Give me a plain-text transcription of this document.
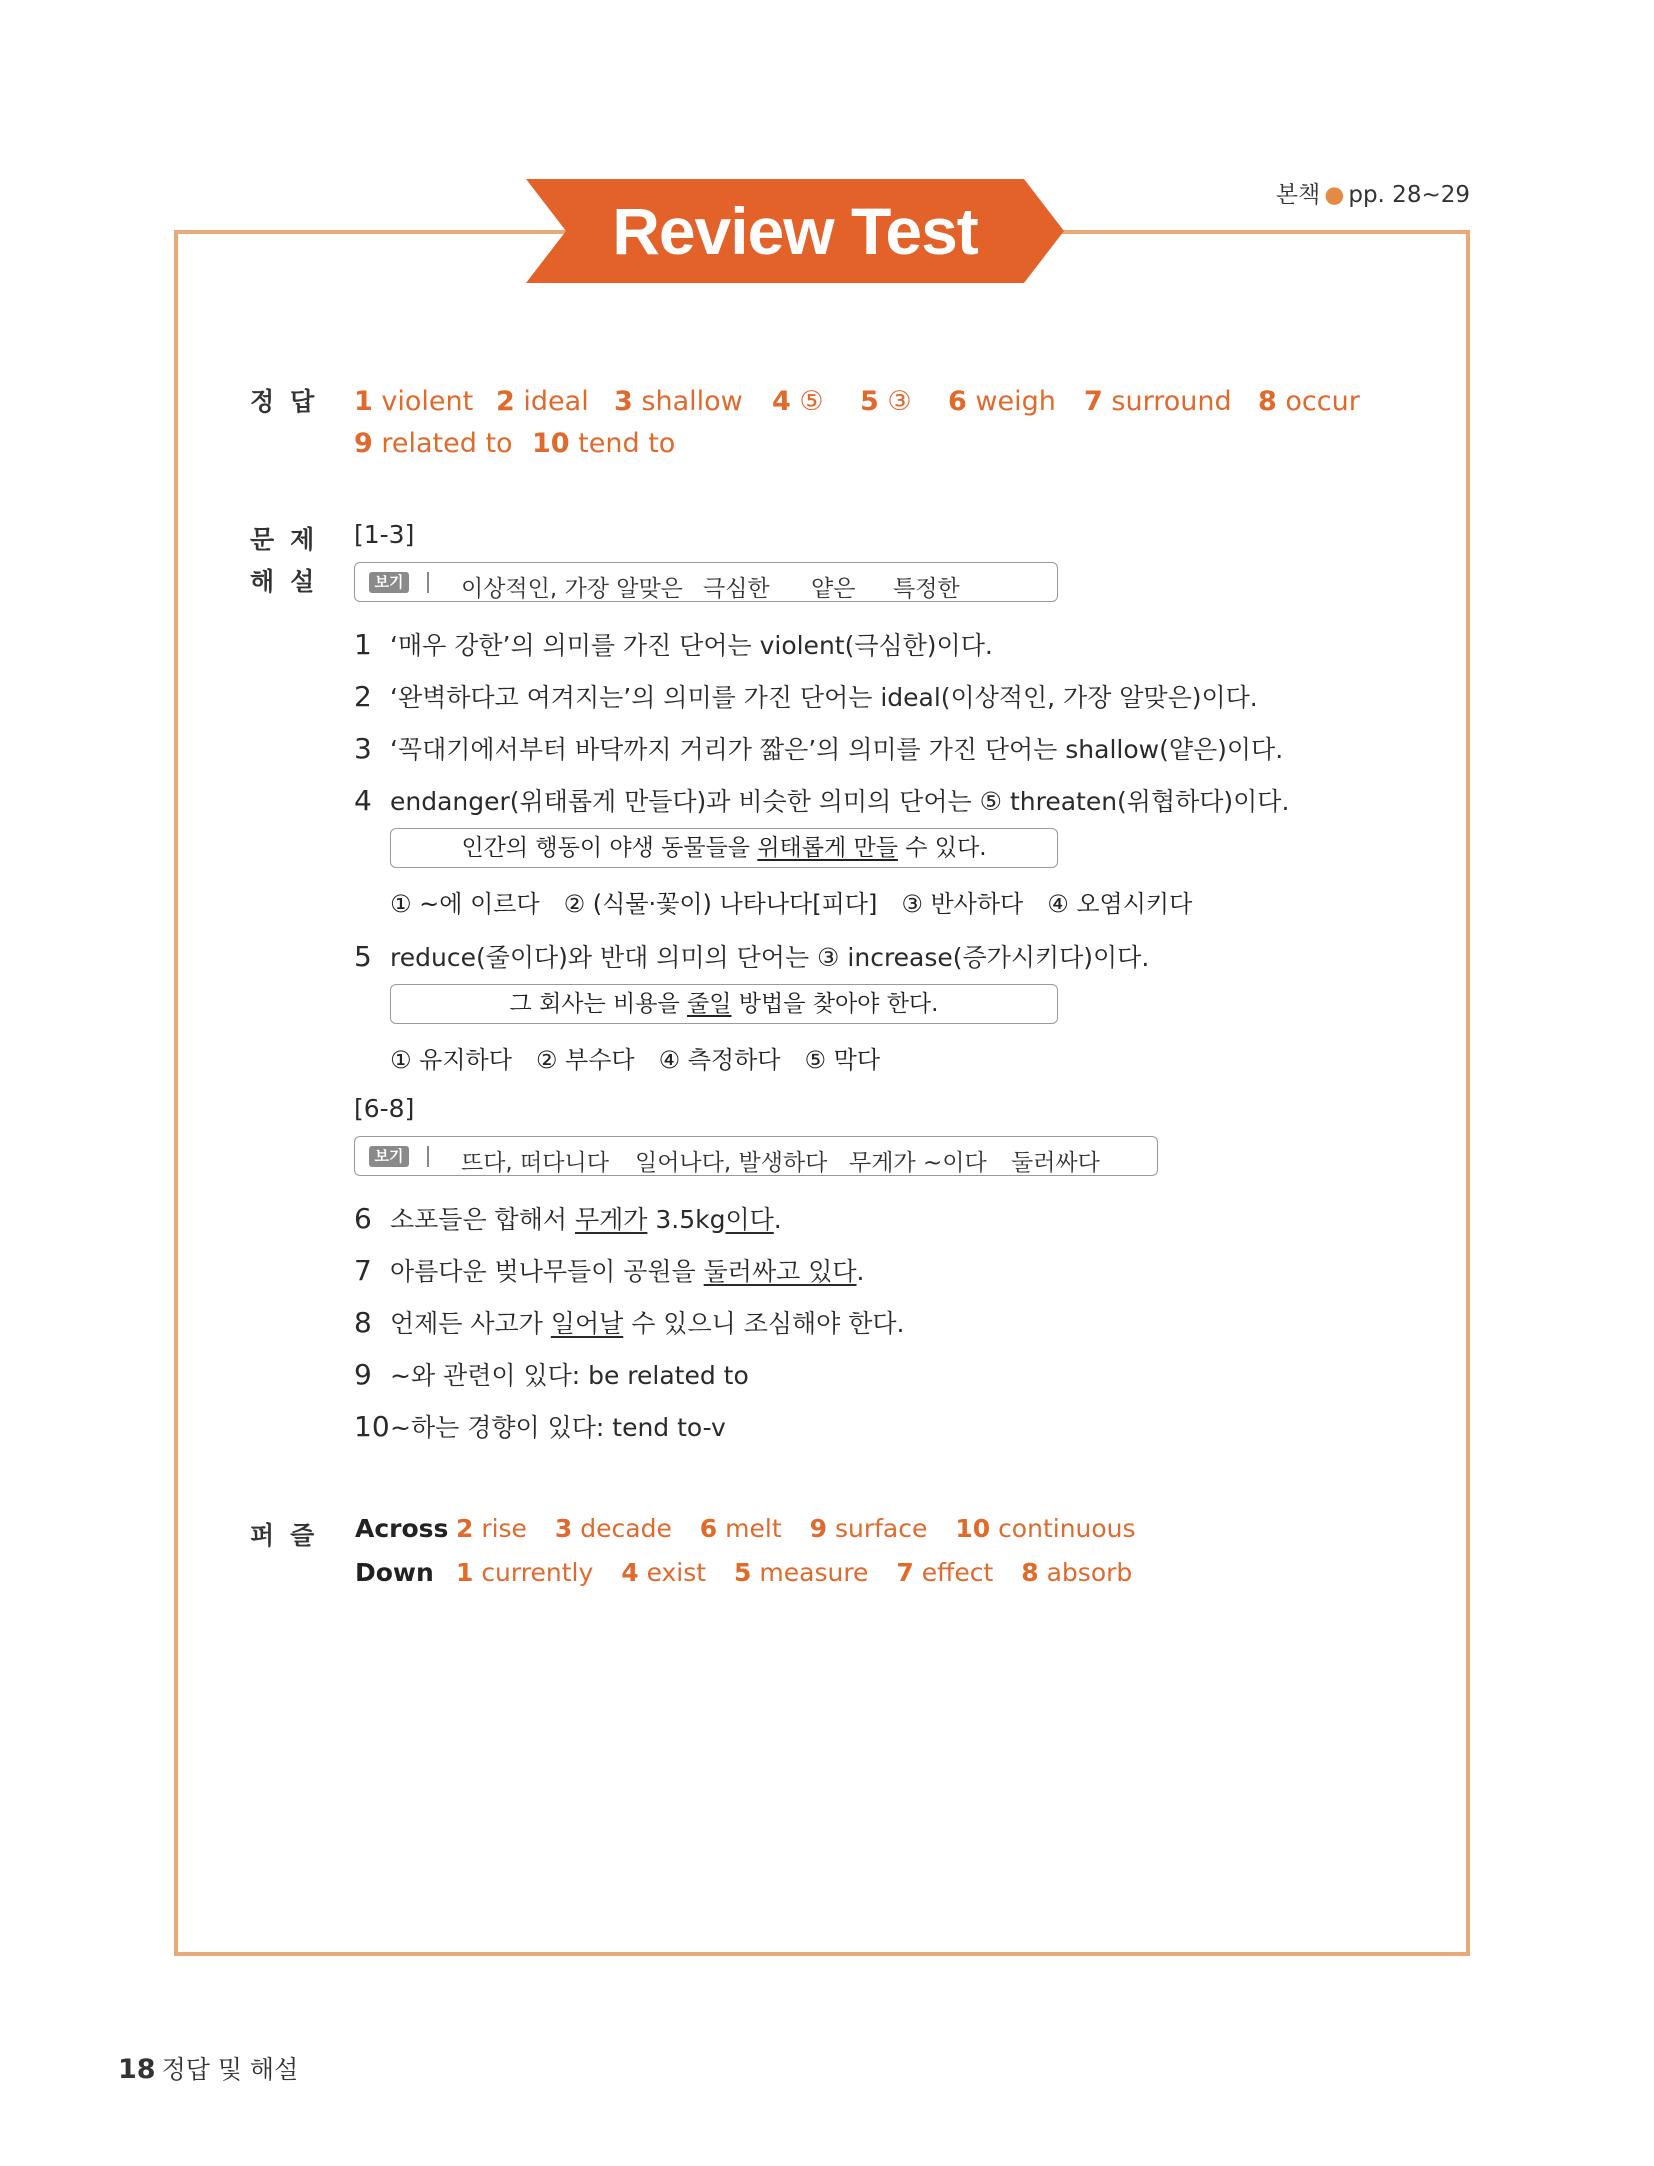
Review Test	본책 ● pp. 28~29
정답 1 violent 2 ideal 3 shallow 4 ⑤ 5 ③ 6 weigh 7 surround 8 occur
9 related to 10 tend to
문제
해설
[1-3]
보기	이상적인, 가장 알맞은 극심한 얕은 특정한
1 ‘매우 강한’의 의미를 가진 단어는 violent(극심한)이다.
2 ‘완벽하다고 여겨지는’의 의미를 가진 단어는 ideal(이상적인, 가장 알맞은)이다.
3 ‘꼭대기에서부터 바닥까지 거리가 짧은’의 의미를 가진 단어는 shallow(얕은)이다.
4 endanger(위태롭게 만들다)과 비슷한 의미의 단어는 ⑤ threaten(위협하다)이다.
인간의 행동이 야생 동물들을 위태롭게 만들 수 있다.
① ~에 이르다 ② (식물·꽃이) 나타나다[피다] ③ 반사하다 ④ 오염시키다
5 reduce(줄이다)와 반대 의미의 단어는 ③ increase(증가시키다)이다.
그 회사는 비용을 줄일 방법을 찾아야 한다.
① 유지하다 ② 부수다 ④ 측정하다 ⑤ 막다
[6-8]
보기	뜨다, 떠다니다 일어나다, 발생하다 무게가 ~이다 둘러싸다
6 소포들은 합해서 무게가 3.5kg이다.
7 아름다운 벚나무들이 공원을 둘러싸고 있다.
8 언제든 사고가 일어날 수 있으니 조심해야 한다.
9 ~와 관련이 있다: be related to
10~하는 경향이 있다: tend to-v
퍼즐 Across 2 rise 3 decade 6 melt 9 surface 10 continuous
Down 1 currently 4 exist 5 measure 7 effect 8 absorb
18 정답 및 해설
